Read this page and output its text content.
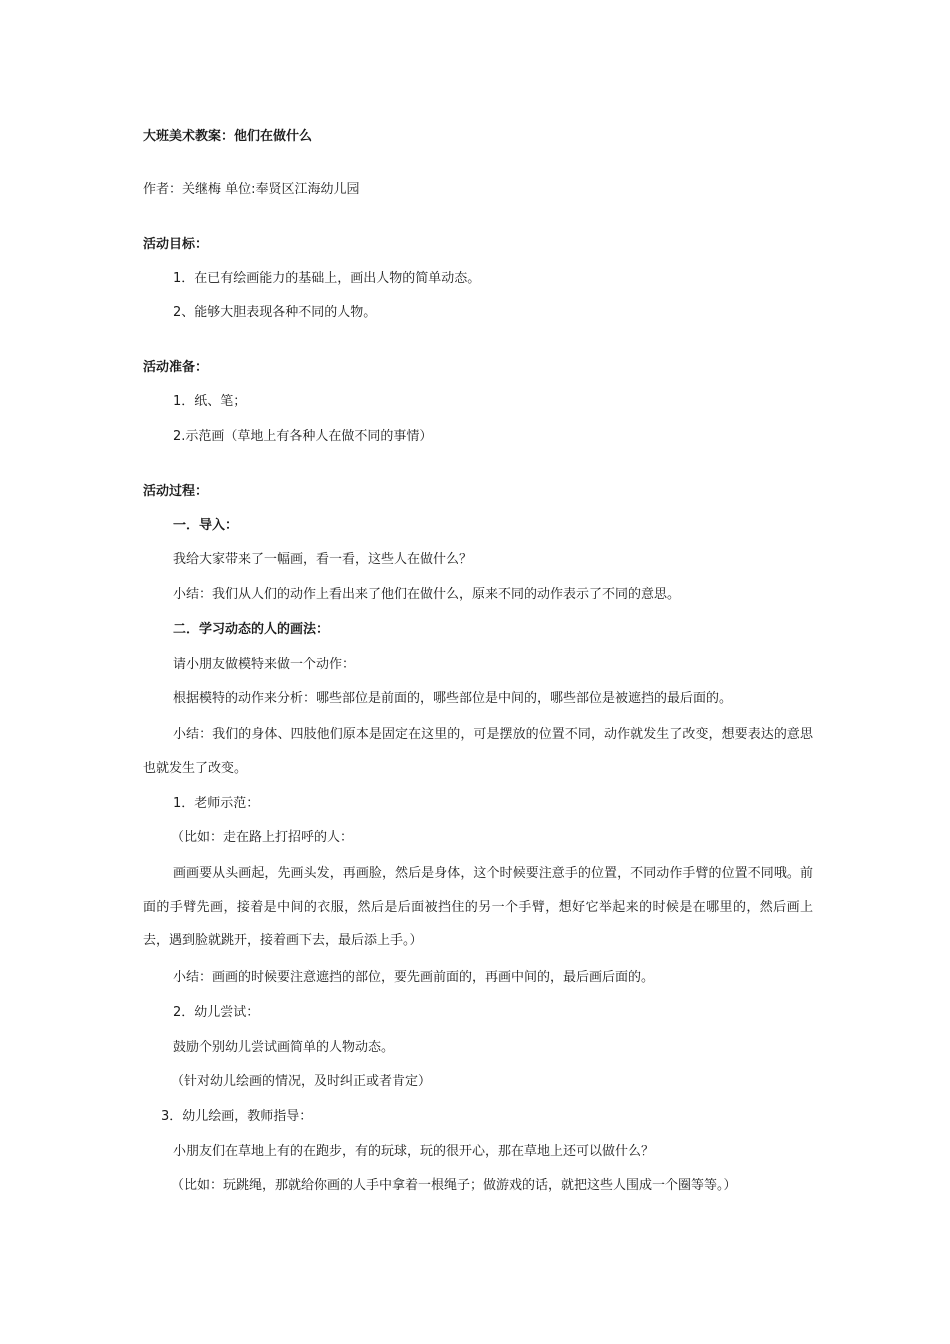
大班美术教案：他们在做什么
作者：关继梅 单位:奉贤区江海幼儿园
活动目标：
1．在已有绘画能力的基础上，画出人物的简单动态。
2、能够大胆表现各种不同的人物。
活动准备：
1．纸、笔；
2.示范画（草地上有各种人在做不同的事情）
活动过程：
一．导入：
我给大家带来了一幅画，看一看，这些人在做什么？
小结：我们从人们的动作上看出来了他们在做什么，原来不同的动作表示了不同的意思。
二．学习动态的人的画法：
请小朋友做模特来做一个动作：
根据模特的动作来分析：哪些部位是前面的，哪些部位是中间的，哪些部位是被遮挡的最后面的。
小结：我们的身体、四肢他们原本是固定在这里的，可是摆放的位置不同，动作就发生了改变，想要表达的意思也就发生了改变。
1．老师示范：
（比如：走在路上打招呼的人：
画画要从头画起，先画头发，再画脸，然后是身体，这个时候要注意手的位置，不同动作手臂的位置不同哦。前面的手臂先画，接着是中间的衣服，然后是后面被挡住的另一个手臂，想好它举起来的时候是在哪里的，然后画上去，遇到脸就跳开，接着画下去，最后添上手。）
小结：画画的时候要注意遮挡的部位，要先画前面的，再画中间的，最后画后面的。
2．幼儿尝试：
鼓励个别幼儿尝试画简单的人物动态。
（针对幼儿绘画的情况，及时纠正或者肯定）
3．幼儿绘画，教师指导：
小朋友们在草地上有的在跑步，有的玩球，玩的很开心，那在草地上还可以做什么？
（比如：玩跳绳，那就给你画的人手中拿着一根绳子；做游戏的话，就把这些人围成一个圈等等。）
